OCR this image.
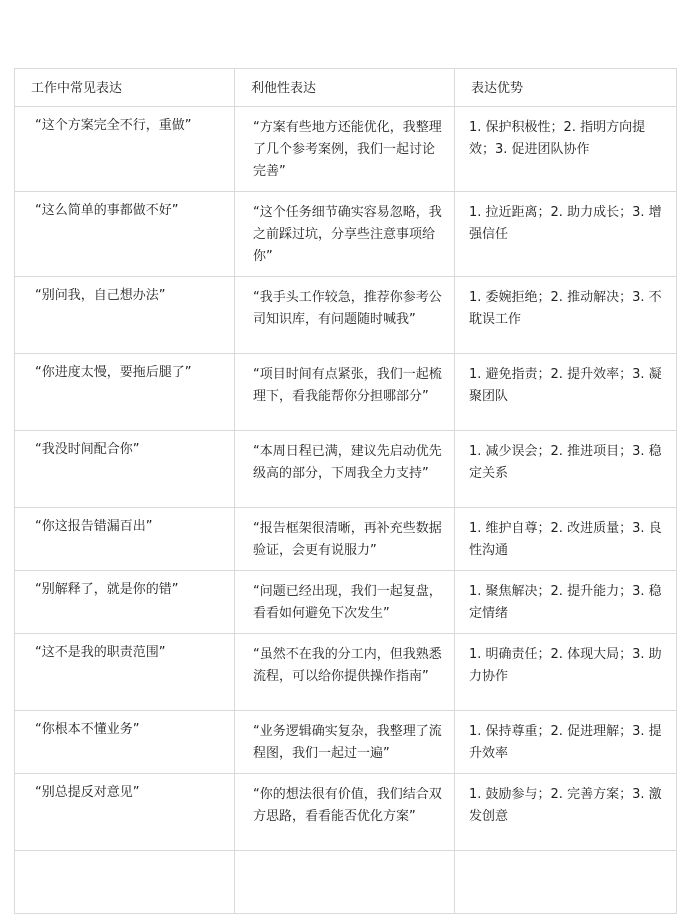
工作中常见表达	利他性表达	表达优势
“这个方案完全不行，重做”	“方案有些地方还能优化，我整理了几个参考案例，我们一起讨论完善”	1. 保护积极性；2. 指明方向提效；3. 促进团队协作
“这么简单的事都做不好”	“这个任务细节确实容易忽略，我之前踩过坑，分享些注意事项给你”	1. 拉近距离；2. 助力成长；3. 增强信任
“别问我，自己想办法”	“我手头工作较急，推荐你参考公司知识库，有问题随时喊我”	1. 委婉拒绝；2. 推动解决；3. 不耽误工作
“你进度太慢，要拖后腿了”	“项目时间有点紧张，我们一起梳理下，看我能帮你分担哪部分”	1. 避免指责；2. 提升效率；3. 凝聚团队
“我没时间配合你”	“本周日程已满，建议先启动优先级高的部分，下周我全力支持”	1. 减少误会；2. 推进项目；3. 稳定关系
“你这报告错漏百出”	“报告框架很清晰，再补充些数据验证，会更有说服力”	1. 维护自尊；2. 改进质量；3. 良性沟通
“别解释了，就是你的错”	“问题已经出现，我们一起复盘，看看如何避免下次发生”	1. 聚焦解决；2. 提升能力；3. 稳定情绪
“这不是我的职责范围”	“虽然不在我的分工内，但我熟悉流程，可以给你提供操作指南”	1. 明确责任；2. 体现大局；3. 助力协作
“你根本不懂业务”	“业务逻辑确实复杂，我整理了流程图，我们一起过一遍”	1. 保持尊重；2. 促进理解；3. 提升效率
“别总提反对意见”	“你的想法很有价值，我们结合双方思路，看看能否优化方案”	1. 鼓励参与；2. 完善方案；3. 激发创意
